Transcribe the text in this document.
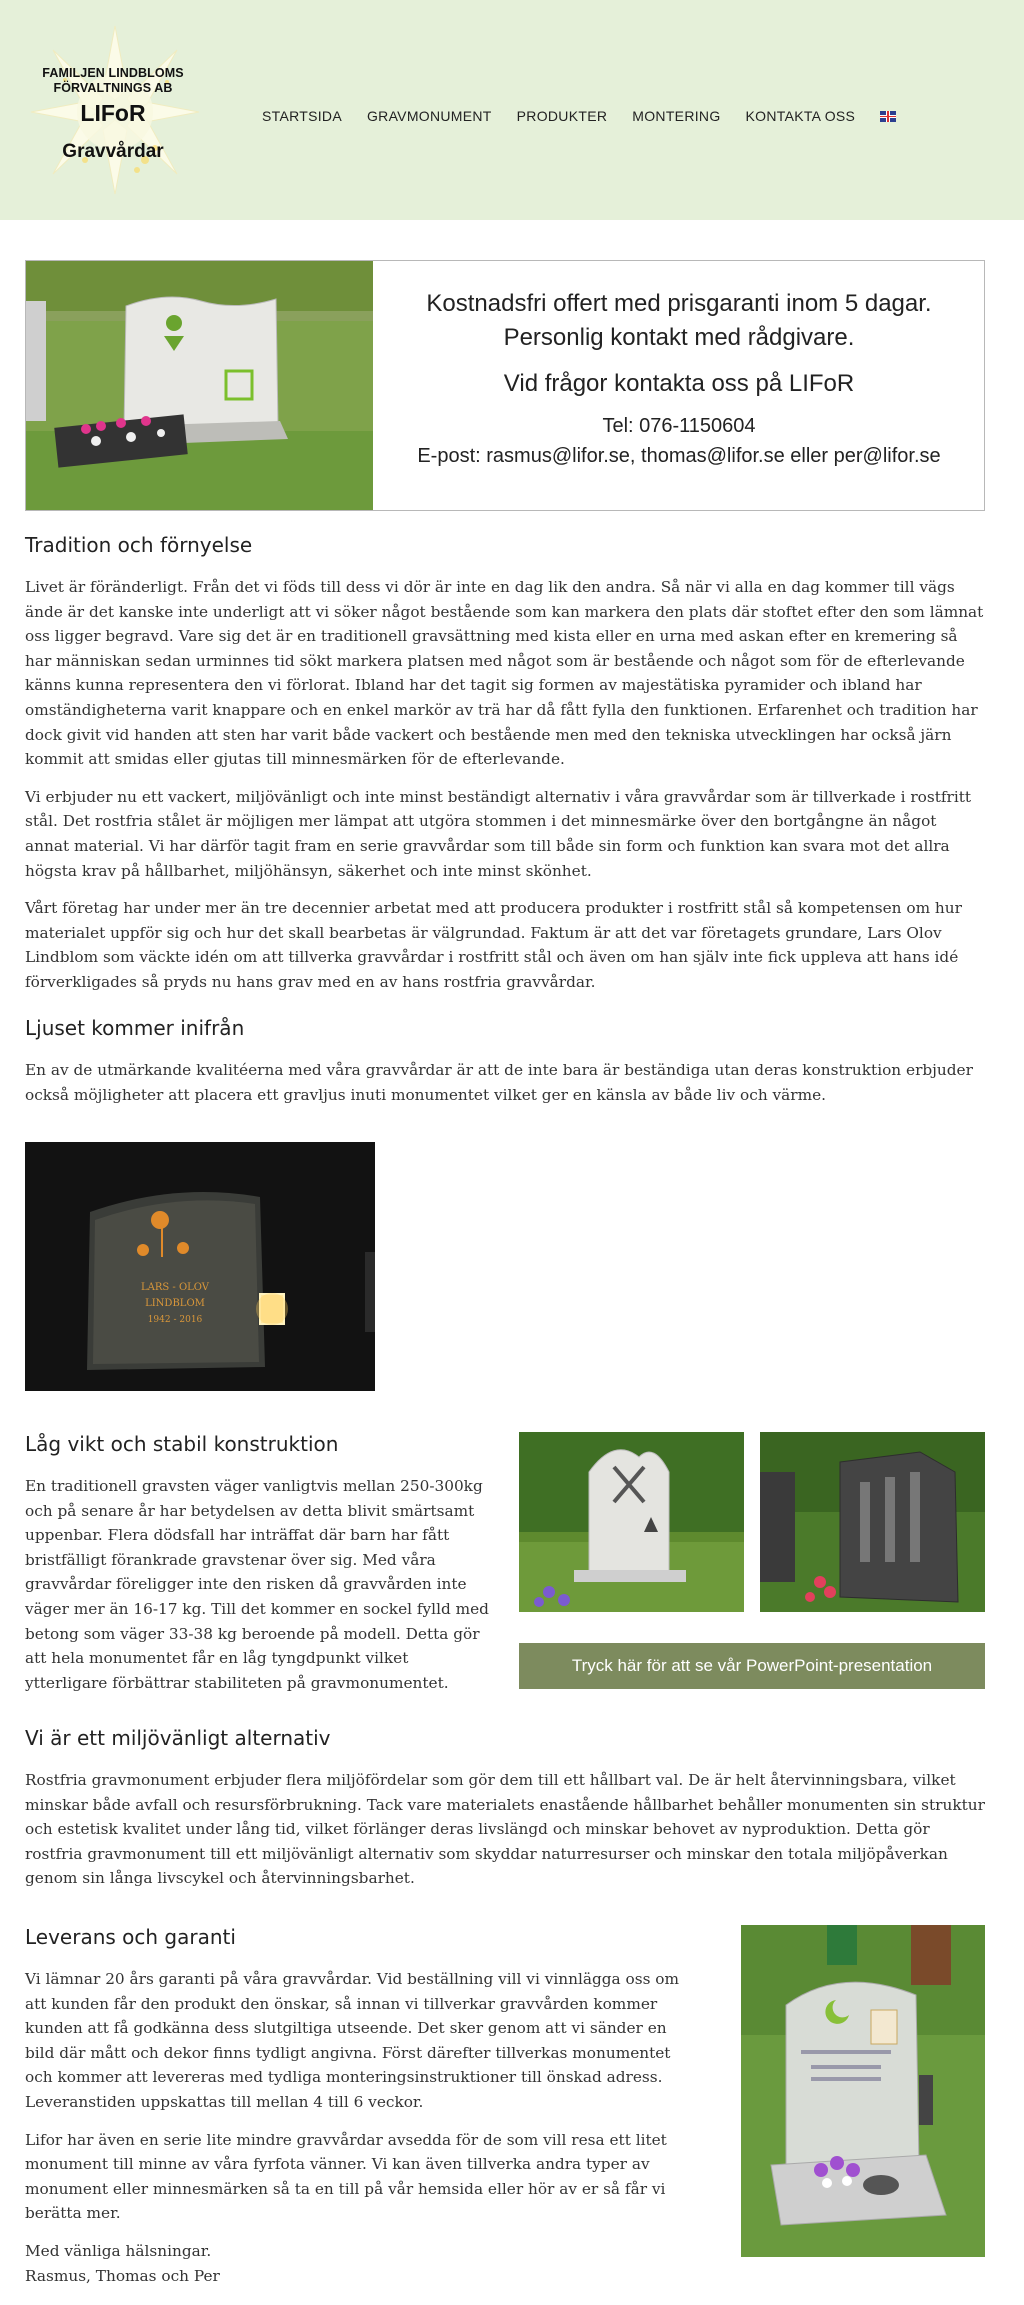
FAMILJEN LINDBLOMS
FÖRVALTNINGS AB
LIFoR
Gravvårdar
STARTSIDA GRAVMONUMENT PRODUKTER MONTERING KONTAKTA OSS
Kostnadsfri offert med prisgaranti inom 5 dagar.
Personlig kontakt med rådgivare.
Vid frågor kontakta oss på LIFoR
Tel: 076-1150604
E-post: rasmus@lifor.se, thomas@lifor.se eller per@lifor.se
Tradition och förnyelse

Livet är föränderligt. Från det vi föds till dess vi dör är inte en dag lik den andra. Så när vi alla en dag kommer till vägs ände är det kanske inte underligt att vi söker något bestående som kan markera den plats där stoftet efter den som lämnat oss ligger begravd. Vare sig det är en traditionell gravsättning med kista eller en urna med askan efter en kremering så har människan sedan urminnes tid sökt markera platsen med något som är bestående och något som för de efterlevande känns kunna representera den vi förlorat. Ibland har det tagit sig formen av majestätiska pyramider och ibland har omständigheterna varit knappare och en enkel markör av trä har då fått fylla den funktionen. Erfarenhet och tradition har dock givit vid handen att sten har varit både vackert och bestående men med den tekniska utvecklingen har också järn kommit att smidas eller gjutas till minnesmärken för de efterlevande.

Vi erbjuder nu ett vackert, miljövänligt och inte minst beständigt alternativ i våra gravvårdar som är tillverkade i rostfritt stål. Det rostfria stålet är möjligen mer lämpat att utgöra stommen i det minnesmärke över den bortgångne än något annat material. Vi har därför tagit fram en serie gravvårdar som till både sin form och funktion kan svara mot det allra högsta krav på hållbarhet, miljöhänsyn, säkerhet och inte minst skönhet.

Vårt företag har under mer än tre decennier arbetat med att producera produkter i rostfritt stål så kompetensen om hur materialet uppför sig och hur det skall bearbetas är välgrundad. Faktum är att det var företagets grundare, Lars Olov Lindblom som väckte idén om att tillverka gravvårdar i rostfritt stål och även om han själv inte fick uppleva att hans idé förverkligades så pryds nu hans grav med en av hans rostfria gravvårdar.

Ljuset kommer inifrån

En av de utmärkande kvalitéerna med våra gravvårdar är att de inte bara är beständiga utan deras konstruktion erbjuder också möjligheter att placera ett gravljus inuti monumentet vilket ger en känsla av både liv och värme.

LARS - OLOV
LINDBLOM
1942 - 2016
Låg vikt och stabil konstruktion

En traditionell gravsten väger vanligtvis mellan 250-300kg och på senare år har betydelsen av detta blivit smärtsamt uppenbar. Flera dödsfall har inträffat där barn har fått bristfälligt förankrade gravstenar över sig. Med våra gravvårdar föreligger inte den risken då gravvården inte väger mer än 16-17 kg. Till det kommer en sockel fylld med betong som väger 33-38 kg beroende på modell. Detta gör att hela monumentet får en låg tyngdpunkt vilket ytterligare förbättrar stabiliteten på gravmonumentet.

Tryck här för att se vår PowerPoint-presentation
Vi är ett miljövänligt alternativ

Rostfria gravmonument erbjuder flera miljöfördelar som gör dem till ett hållbart val. De är helt återvinningsbara, vilket minskar både avfall och resursförbrukning. Tack vare materialets enastående hållbarhet behåller monumenten sin struktur och estetisk kvalitet under lång tid, vilket förlänger deras livslängd och minskar behovet av nyproduktion. Detta gör rostfria gravmonument till ett miljövänligt alternativ som skyddar naturresurser och minskar den totala miljöpåverkan genom sin långa livscykel och återvinningsbarhet.

Leverans och garanti

Vi lämnar 20 års garanti på våra gravvårdar. Vid beställning vill vi vinnlägga oss om att kunden får den produkt den önskar, så innan vi tillverkar gravvården kommer kunden att få godkänna dess slutgiltiga utseende. Det sker genom att vi sänder en bild där mått och dekor finns tydligt angivna. Först därefter tillverkas monumentet och kommer att levereras med tydliga monteringsinstruktioner till önskad adress. Leveranstiden uppskattas till mellan 4 till 6 veckor.

Lifor har även en serie lite mindre gravvårdar avsedda för de som vill resa ett litet monument till minne av våra fyrfota vänner. Vi kan även tillverka andra typer av monument eller minnesmärken så ta en till på vår hemsida eller hör av er så får vi berätta mer.

Med vänliga hälsningar.

Rasmus, Thomas och Per
